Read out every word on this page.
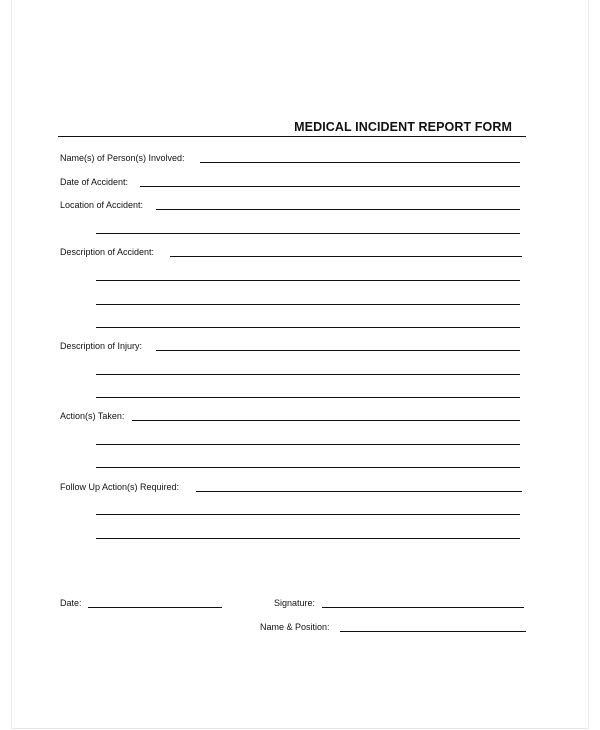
MEDICAL INCIDENT REPORT FORM
Name(s) of Person(s) Involved:
Date of Accident:
Location of Accident:
Description of Accident:
Description of Injury:
Action(s) Taken:
Follow Up Action(s) Required:
Date:	Signature:
Name & Position:
